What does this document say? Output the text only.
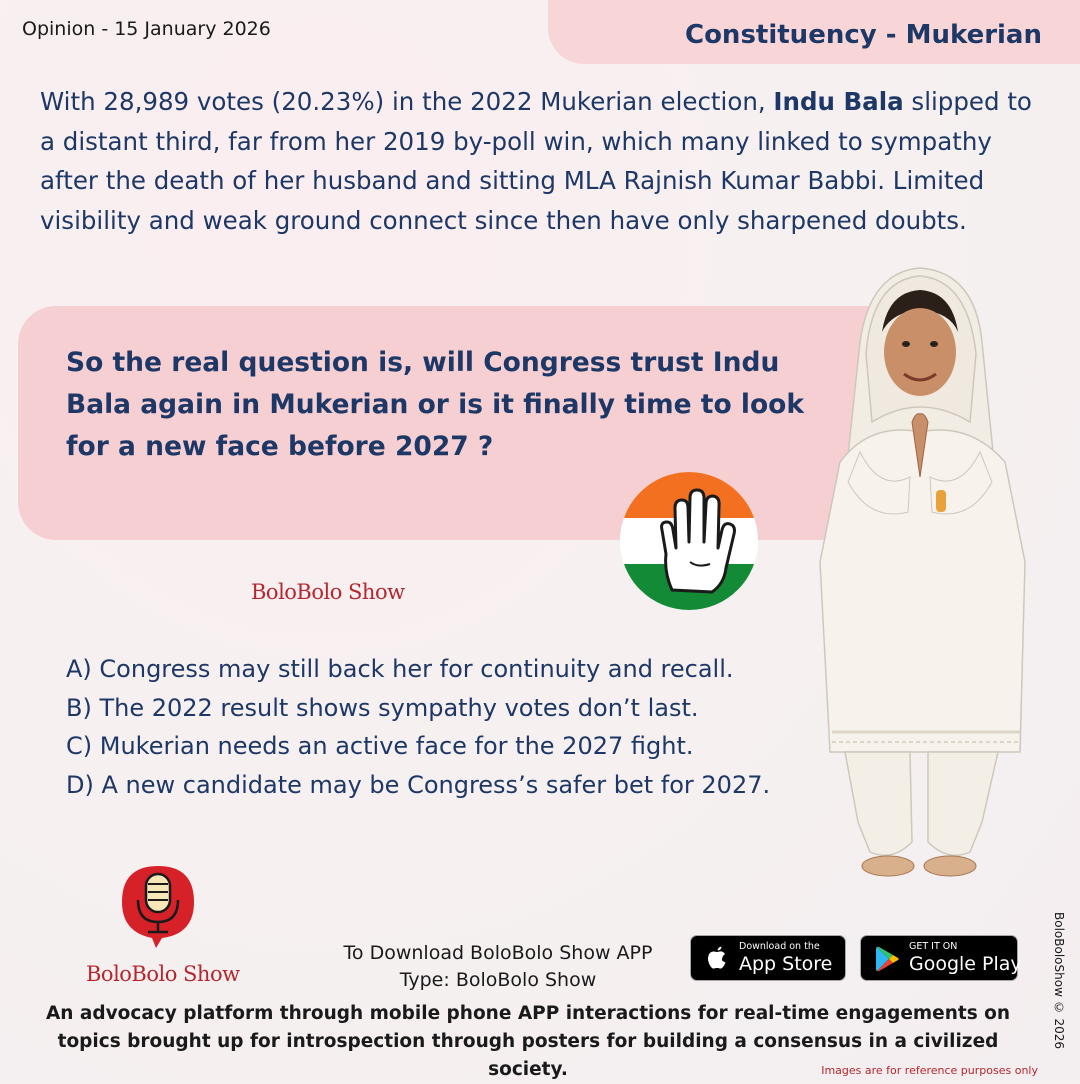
Opinion - 15 January 2026	Constituency - Mukerian

With 28,989 votes (20.23%) in the 2022 Mukerian election, Indu Bala slipped to a distant third, far from her 2019 by-poll win, which many linked to sympathy after the death of her husband and sitting MLA Rajnish Kumar Babbi. Limited visibility and weak ground connect since then have only sharpened doubts.

So the real question is, will Congress trust Indu Bala again in Mukerian or is it finally time to look for a new face before 2027 ?
BoloBolo Show
A) Congress may still back her for continuity and recall.
B) The 2022 result shows sympathy votes don’t last.
C) Mukerian needs an active face for the 2027 fight.
D) A new candidate may be Congress’s safer bet for 2027.
BoloBolo Show
To Download BoloBolo Show APP
Type: BoloBolo Show
Download on the
App Store
GET IT ON
Google Play
An advocacy platform through mobile phone APP interactions for real-time engagements on topics brought up for introspection through posters for building a consensus in a civilized society.
BoloBoloShow © 2026
Images are for reference purposes only
